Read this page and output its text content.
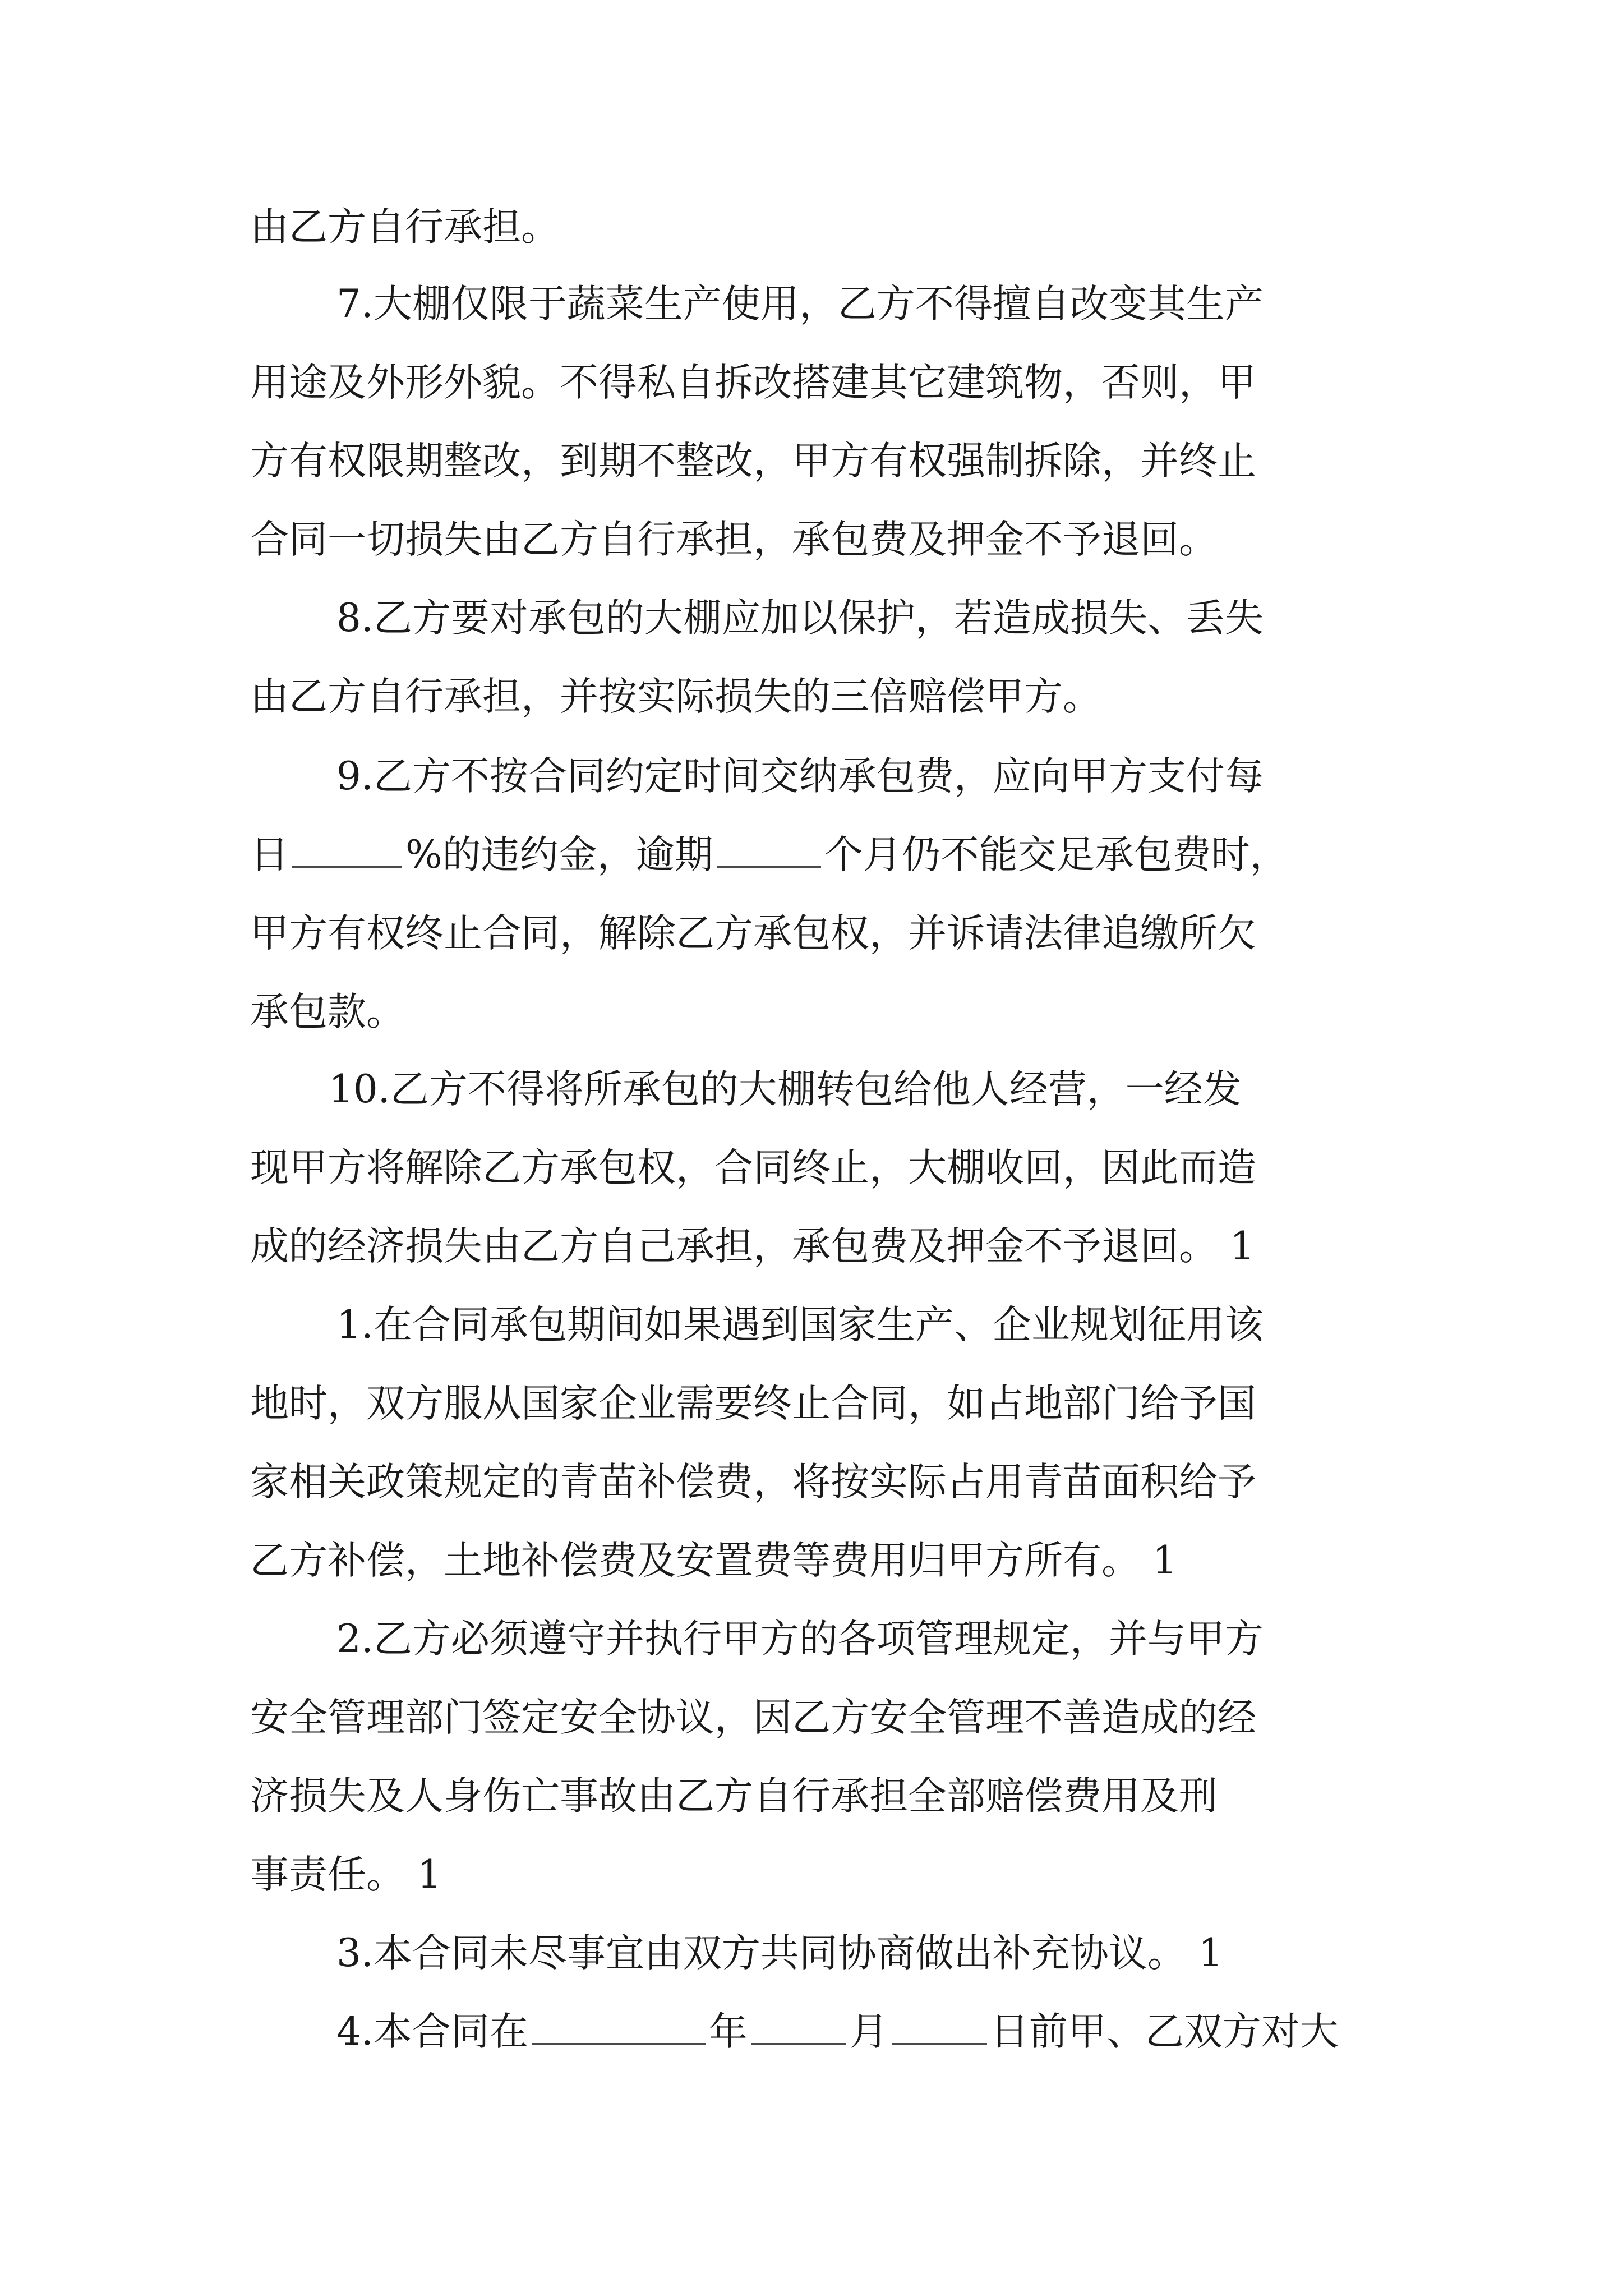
由乙方自行承担。

7.大棚仅限于蔬菜生产使用，乙方不得擅自改变其生产

用途及外形外貌。不得私自拆改搭建其它建筑物，否则，甲

方有权限期整改，到期不整改，甲方有权强制拆除，并终止

合同一切损失由乙方自行承担，承包费及押金不予退回。

8.乙方要对承包的大棚应加以保护，若造成损失、丢失

由乙方自行承担，并按实际损失的三倍赔偿甲方。

9.乙方不按合同约定时间交纳承包费，应向甲方支付每

日	%的违约金，逾期	个月仍不能交足承包费时，

甲方有权终止合同，解除乙方承包权，并诉请法律追缴所欠

承包款。

10.乙方不得将所承包的大棚转包给他人经营，一经发

现甲方将解除乙方承包权，合同终止，大棚收回，因此而造

成的经济损失由乙方自己承担，承包费及押金不予退回。 1

1.在合同承包期间如果遇到国家生产、企业规划征用该

地时，双方服从国家企业需要终止合同，如占地部门给予国

家相关政策规定的青苗补偿费，将按实际占用青苗面积给予

乙方补偿，土地补偿费及安置费等费用归甲方所有。 1

2.乙方必须遵守并执行甲方的各项管理规定，并与甲方

安全管理部门签定安全协议，因乙方安全管理不善造成的经

济损失及人身伤亡事故由乙方自行承担全部赔偿费用及刑

事责任。 1

3.本合同未尽事宜由双方共同协商做出补充协议。 1

4.本合同在	年	月	日前甲、乙双方对大
